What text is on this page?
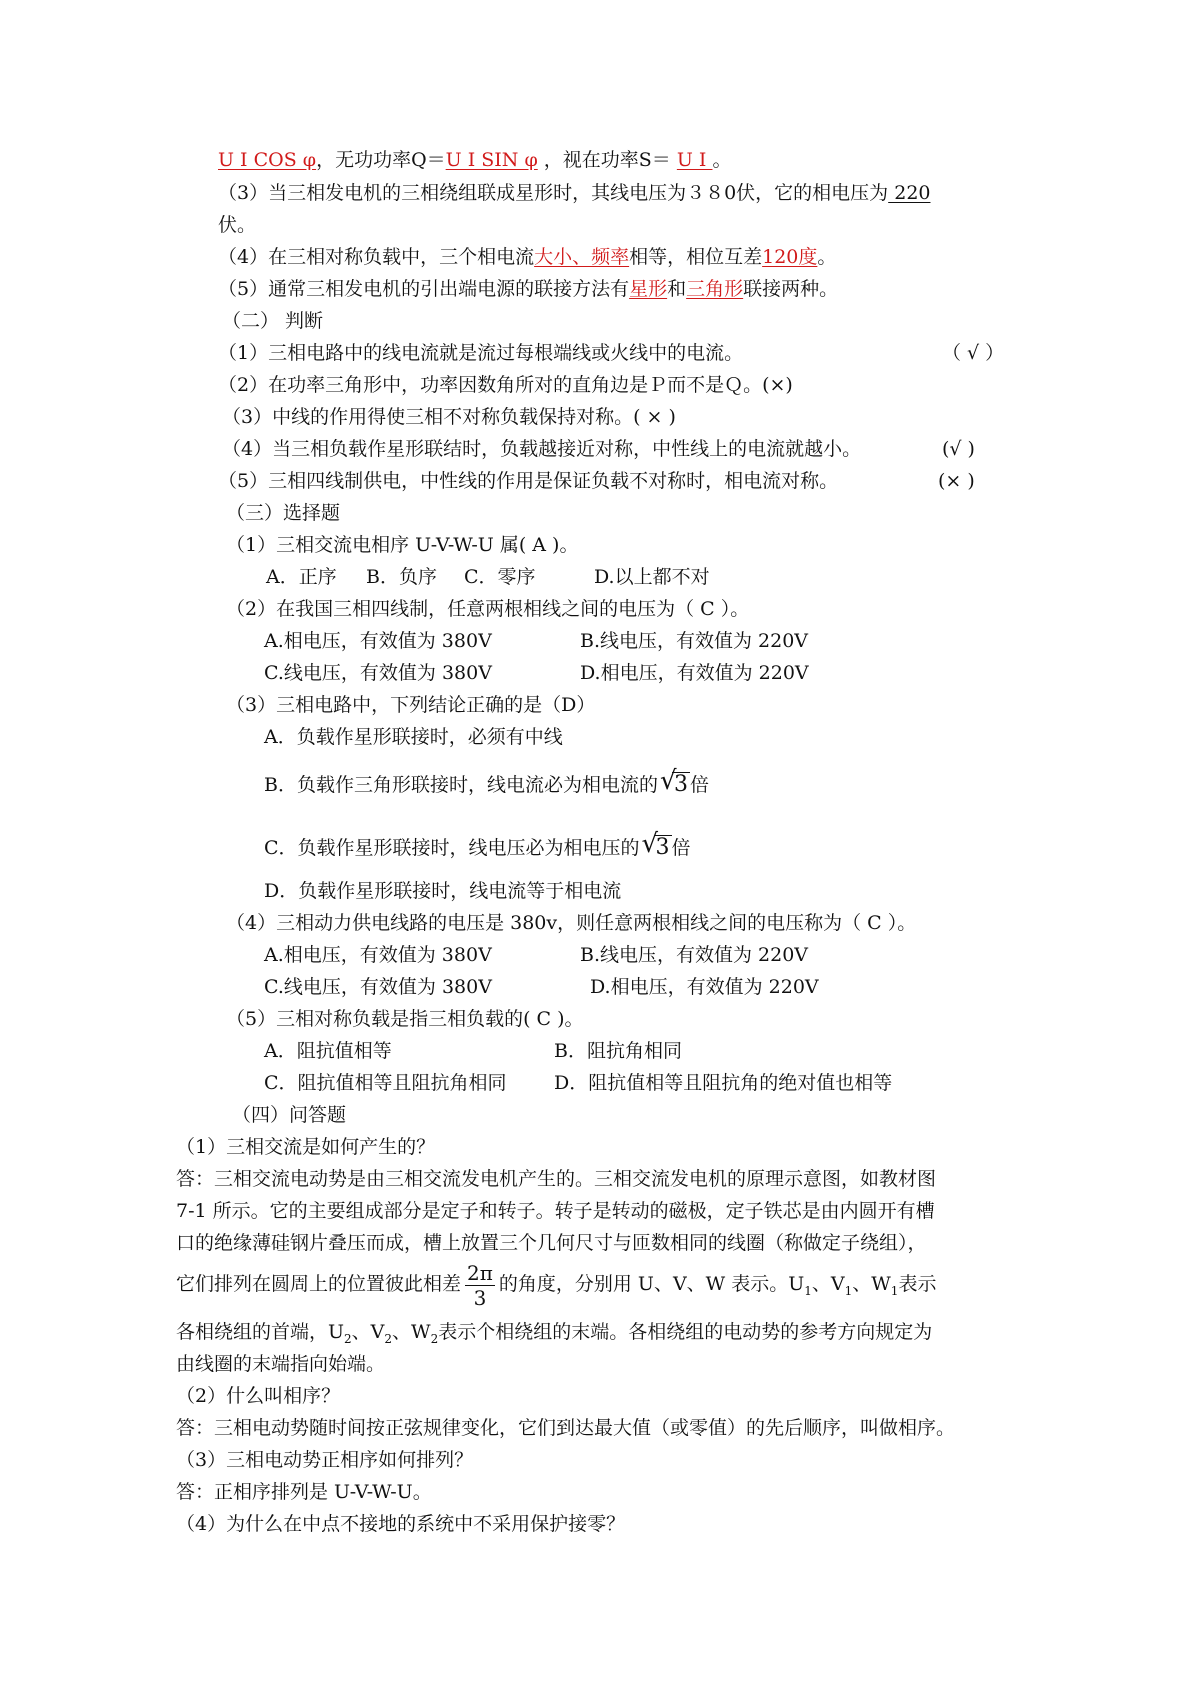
U I COS φ，无功功率Q＝U I SIN φ ，视在功率S＝ U I 。
（3）当三相发电机的三相绕组联成星形时，其线电压为３８0伏，它的相电压为 220
伏。
（4）在三相对称负载中，三个相电流大小、频率相等，相位互差120度。
（5）通常三相发电机的引出端电源的联接方法有星形和三角形联接两种。
（二） 判断
（1）三相电路中的线电流就是流过每根端线或火线中的电流。	（ √ ）
（2）在功率三角形中，功率因数角所对的直角边是Ｐ而不是Ｑ。(×)
（3）中线的作用得使三相不对称负载保持对称。( × )
（4）当三相负载作星形联结时，负载越接近对称，中性线上的电流就越小。	(√ )
（5）三相四线制供电，中性线的作用是保证负载不对称时，相电流对称。	(× )
（三）选择题
（1）三相交流电相序 U-V-W-U 属( A )。
A．正序 B．负序 C．零序	D.以上都不对
（2）在我国三相四线制，任意两根相线之间的电压为（ C ）。
A.相电压，有效值为 380V	B.线电压，有效值为 220V
C.线电压，有效值为 380V	D.相电压，有效值为 220V
（3）三相电路中，下列结论正确的是（D）
A．负载作星形联接时，必须有中线
B．负载作三角形联接时，线电流必为相电流的 √
3 倍
C．负载作星形联接时，线电压必为相电压的 √
3 倍
D．负载作星形联接时，线电流等于相电流
（4）三相动力供电线路的电压是 380v，则任意两根相线之间的电压称为（ C ）。
A.相电压，有效值为 380V	B.线电压，有效值为 220V
C.线电压，有效值为 380V	D.相电压，有效值为 220V
（5）三相对称负载是指三相负载的( C )。
A．阻抗值相等	B．阻抗角相同
C．阻抗值相等且阻抗角相同 D．阻抗值相等且阻抗角的绝对值也相等
（四）问答题
（1）三相交流是如何产生的？
答：三相交流电动势是由三相交流发电机产生的。三相交流发电机的原理示意图，如教材图
7-1 所示。它的主要组成部分是定子和转子。转子是转动的磁极，定子铁芯是由内圆开有槽
口的绝缘薄硅钢片叠压而成，槽上放置三个几何尺寸与匝数相同的线圈（称做定子绕组），
它们排列在圆周上的位置彼此相差 $\frac{2\pi}{3}$ 的角度，分别用 U、V、W 表示。$U_1$、$V_1$、$W_1$表示
各相绕组的首端，$U_2$、$V_2$、$W_2$表示个相绕组的末端。各相绕组的电动势的参考方向规定为
由线圈的末端指向始端。
（2）什么叫相序？
答：三相电动势随时间按正弦规律变化，它们到达最大值（或零值）的先后顺序，叫做相序。
（3）三相电动势正相序如何排列？
答：正相序排列是 U-V-W-U。
（4）为什么在中点不接地的系统中不采用保护接零？
